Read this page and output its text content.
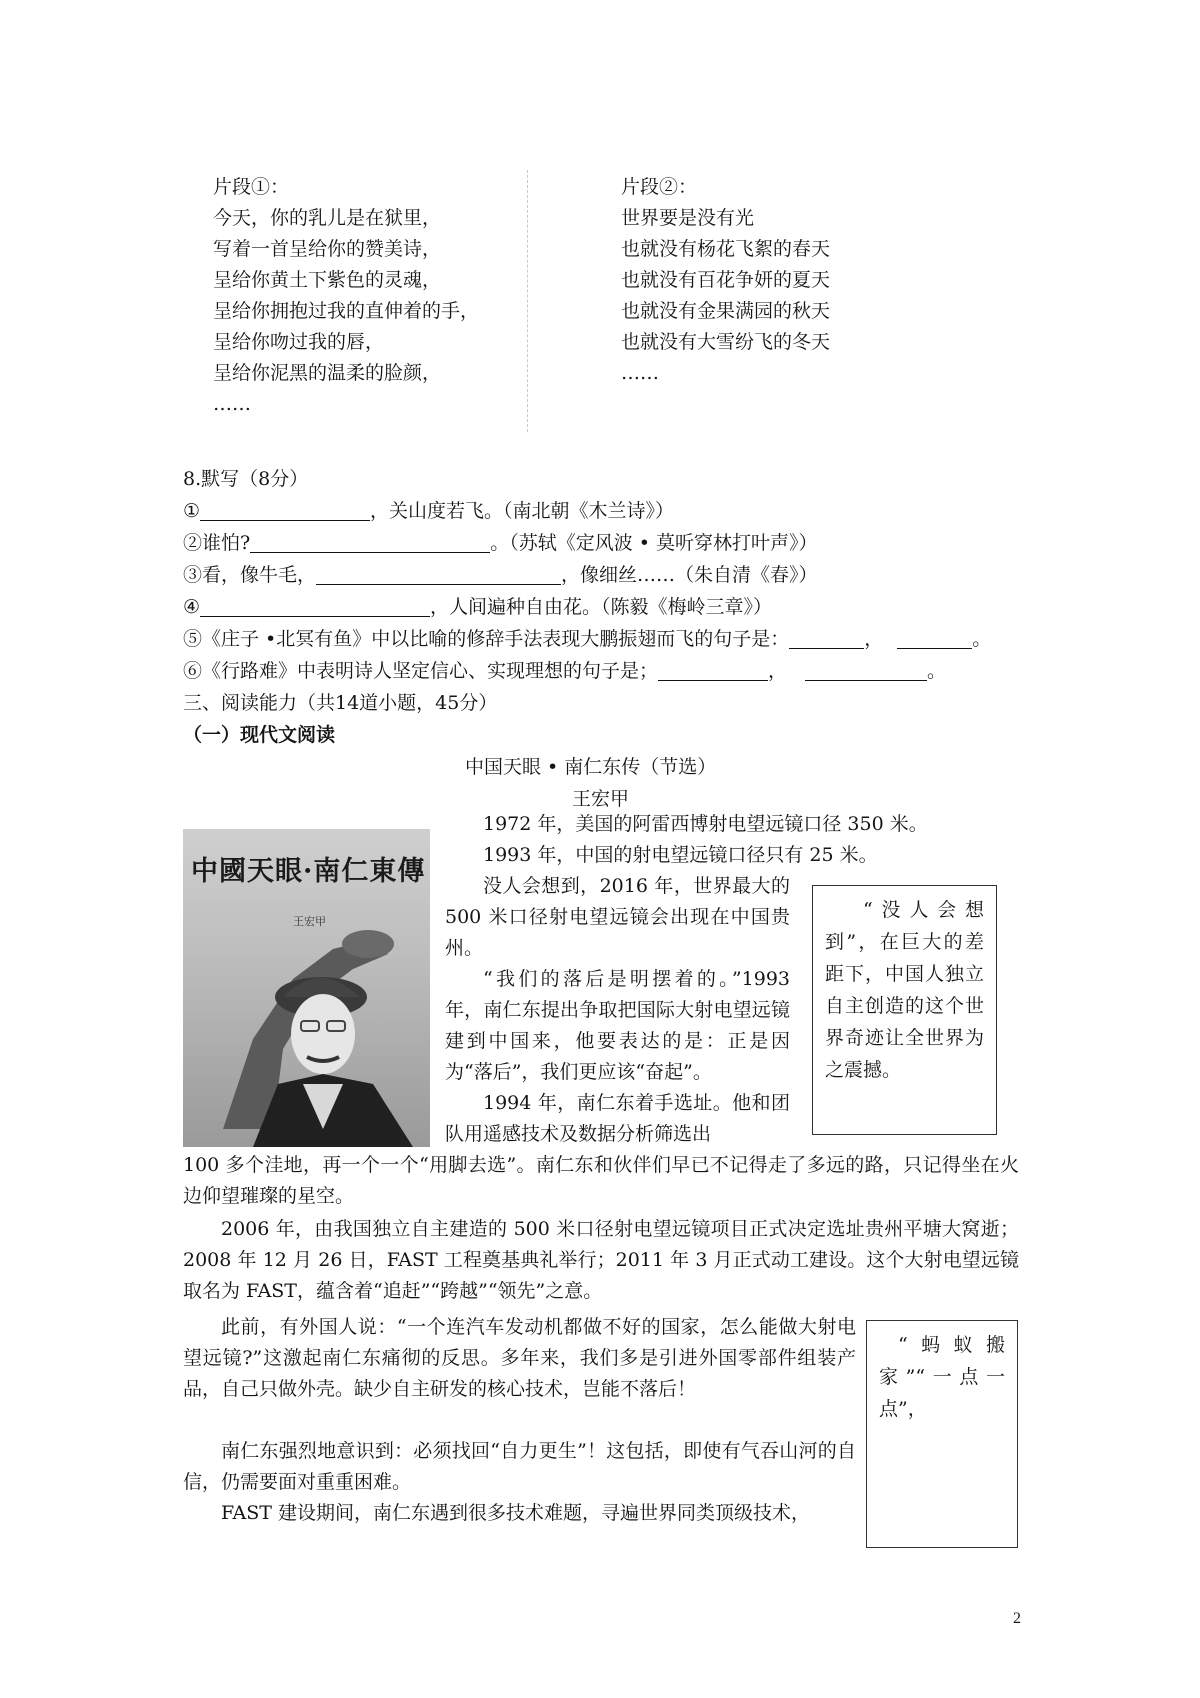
片段①：
今天，你的乳儿是在狱里，
写着一首呈给你的赞美诗，
呈给你黄土下紫色的灵魂，
呈给你拥抱过我的直伸着的手，
呈给你吻过我的唇，
呈给你泥黑的温柔的脸颜，
……
片段②：
世界要是没有光
也就没有杨花飞絮的春天
也就没有百花争妍的夏天
也就没有金果满园的秋天
也就没有大雪纷飞的冬天
……
8.默写（8分）
①	，关山度若飞。（南北朝《木兰诗》）
②谁怕?	。（苏轼《定风波 • 莫听穿林打叶声》）
③看，像牛毛，	，像细丝……（朱自清《春》）
④	，人间遍种自由花。（陈毅《梅岭三章》）
⑤《庄子 •北冥有鱼》中以比喻的修辞手法表现大鹏振翅而飞的句子是：	，	。
⑥《行路难》中表明诗人坚定信心、实现理想的句子是；	，	。
三、阅读能力（共14道小题，45分）
（一）现代文阅读
中国天眼 • 南仁东传（节选）
王宏甲
中國天眼·南仁東傳
王宏甲

1972 年，美国的阿雷西博射电望远镜口径 350 米。

1993 年，中国的射电望远镜口径只有 25 米。

没人会想到，2016 年，世界最大的 500 米口径射电望远镜会出现在中国贵州。

“我们的落后是明摆着的。”1993 年，南仁东提出争取把国际大射电望远镜建到中国来，他要表达的是：正是因为“落后”，我们更应该“奋起”。

1994 年，南仁东着手选址。他和团队用遥感技术及数据分析筛选出

100 多个洼地，再一个一个“用脚去选”。南仁东和伙伴们早已不记得走了多远的路，只记得坐在火边仰望璀璨的星空。

“没人会想到”，在巨大的差距下，中国人独立自主创造的这个世界奇迹让全世界为之震撼。

2006 年，由我国独立自主建造的 500 米口径射电望远镜项目正式决定选址贵州平塘大窝逝；2008 年 12 月 26 日，FAST 工程奠基典礼举行；2011 年 3 月正式动工建设。这个大射电望远镜取名为 FAST，蕴含着“追赶”“跨越”“领先”之意。

此前，有外国人说：“一个连汽车发动机都做不好的国家，怎么能做大射电望远镜?”这激起南仁东痛彻的反思。多年来，我们多是引进外国零部件组装产品，自己只做外壳。缺少自主研发的核心技术，岂能不落后！

南仁东强烈地意识到：必须找回“自力更生”！这包括，即使有气吞山河的自信，仍需要面对重重困难。

FAST 建设期间，南仁东遇到很多技术难题，寻遍世界同类顶级技术，

“蚂蚁搬家”“一点一点”，
2
